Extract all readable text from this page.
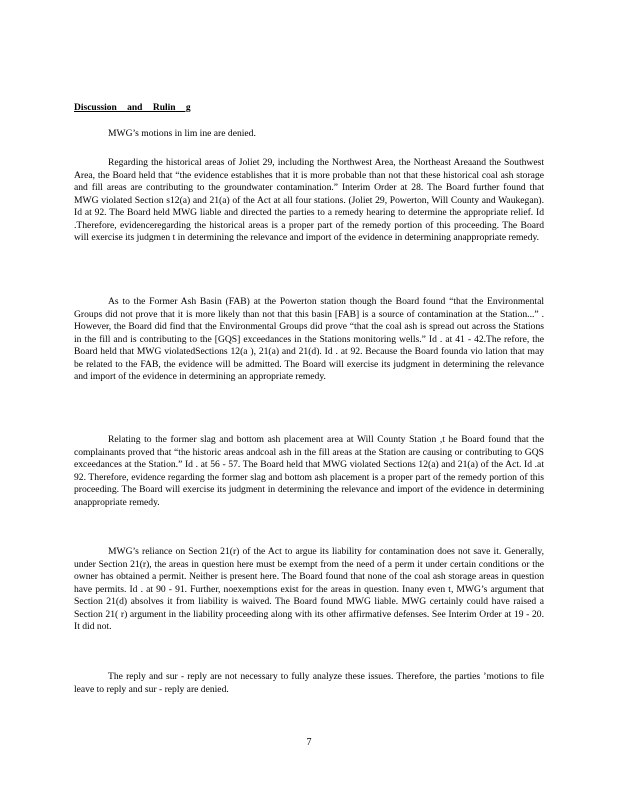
Discussion and Rulin g

MWG’s motions in lim ine are denied.

Regarding the historical areas of Joliet 29, including the Northwest Area, the Northeast Areaand the Southwest Area, the Board held that “the evidence establishes that it is more probable than not that these historical coal ash storage and fill areas are contributing to the groundwater contamination.” Interim Order at 28. The Board further found that MWG violated Section s12(a) and 21(a) of the Act at all four stations. (Joliet 29, Powerton, Will County and Waukegan). Id at 92. The Board held MWG liable and directed the parties to a remedy hearing to determine the appropriate relief. Id .Therefore, evidenceregarding the historical areas is a proper part of the remedy portion of this proceeding. The Board will exercise its judgmen t in determining the relevance and import of the evidence in determining anappropriate remedy.

As to the Former Ash Basin (FAB) at the Powerton station though the Board found “that the Environmental Groups did not prove that it is more likely than not that this basin [FAB] is a source of contamination at the Station...” . However, the Board did find that the Environmental Groups did prove “that the coal ash is spread out across the Stations in the fill and is contributing to the [GQS] exceedances in the Stations monitoring wells.” Id . at 41 - 42.The refore, the Board held that MWG violatedSections 12(a ), 21(a) and 21(d). Id . at 92. Because the Board founda vio lation that may be related to the FAB, the evidence will be admitted. The Board will exercise its judgment in determining the relevance and import of the evidence in determining an appropriate remedy.

Relating to the former slag and bottom ash placement area at Will County Station ,t he Board found that the complainants proved that “the historic areas andcoal ash in the fill areas at the Station are causing or contributing to GQS exceedances at the Station.” Id . at 56 - 57. The Board held that MWG violated Sections 12(a) and 21(a) of the Act. Id .at 92. Therefore, evidence regarding the former slag and bottom ash placement is a proper part of the remedy portion of this proceeding. The Board will exercise its judgment in determining the relevance and import of the evidence in determining anappropriate remedy.

MWG’s reliance on Section 21(r) of the Act to argue its liability for contamination does not save it. Generally, under Section 21(r), the areas in question here must be exempt from the need of a perm it under certain conditions or the owner has obtained a permit. Neither is present here. The Board found that none of the coal ash storage areas in question have permits. Id . at 90 - 91. Further, noexemptions exist for the areas in question. Inany even t, MWG’s argument that Section 21(d) absolves it from liability is waived. The Board found MWG liable. MWG certainly could have raised a Section 21( r) argument in the liability proceeding along with its other affirmative defenses. See Interim Order at 19 - 20. It did not.

The reply and sur - reply are not necessary to fully analyze these issues. Therefore, the parties ’motions to file leave to reply and sur - reply are denied.

7
